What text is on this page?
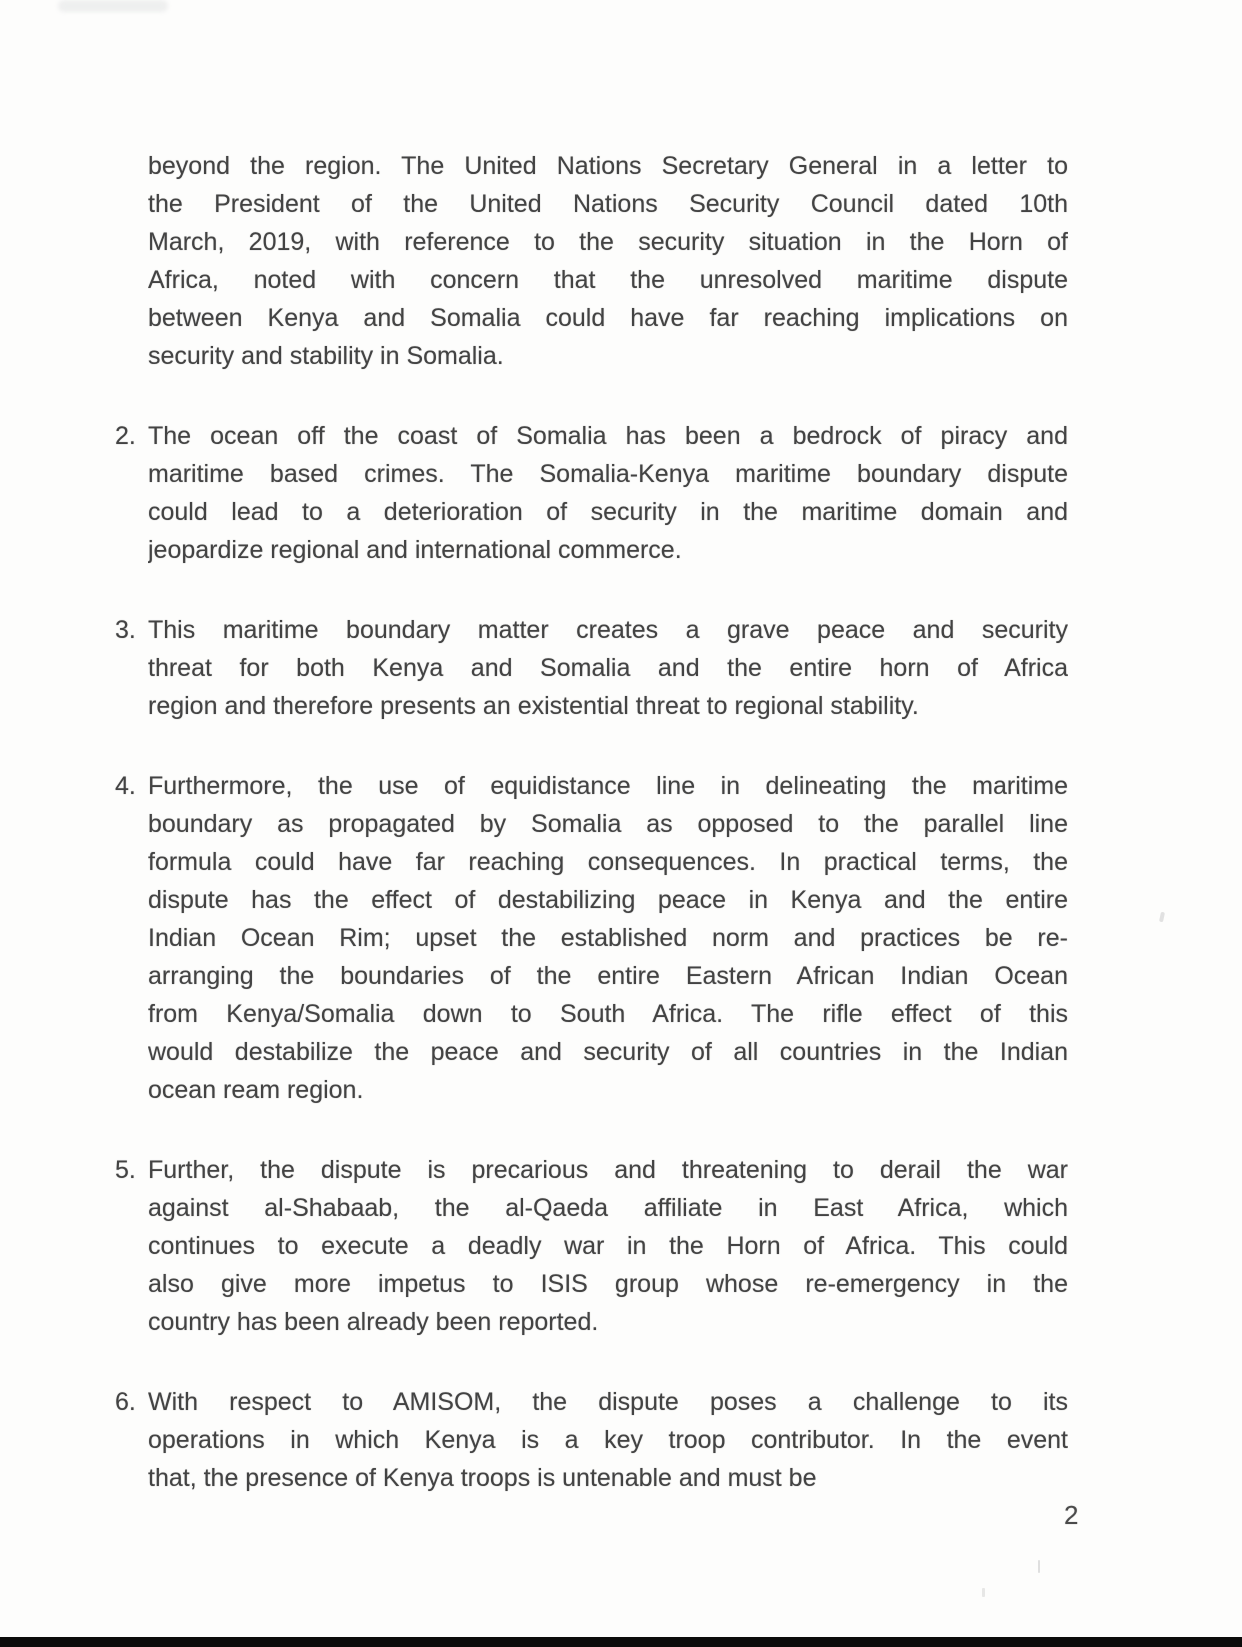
beyond the region. The United Nations Secretary General in a letter to
the President of the United Nations Security Council dated 10th
March, 2019, with reference to the security situation in the Horn of
Africa, noted with concern that the unresolved maritime dispute
between Kenya and Somalia could have far reaching implications on
security and stability in Somalia.
2. The ocean off the coast of Somalia has been a bedrock of piracy and
maritime based crimes. The Somalia-Kenya maritime boundary dispute
could lead to a deterioration of security in the maritime domain and
jeopardize regional and international commerce.
3. This maritime boundary matter creates a grave peace and security
threat for both Kenya and Somalia and the entire horn of Africa
region and therefore presents an existential threat to regional stability.
4. Furthermore, the use of equidistance line in delineating the maritime
boundary as propagated by Somalia as opposed to the parallel line
formula could have far reaching consequences. In practical terms, the
dispute has the effect of destabilizing peace in Kenya and the entire
Indian Ocean Rim; upset the established norm and practices be re-
arranging the boundaries of the entire Eastern African Indian Ocean
from Kenya/Somalia down to South Africa. The rifle effect of this
would destabilize the peace and security of all countries in the Indian
ocean ream region.
5. Further, the dispute is precarious and threatening to derail the war
against al-Shabaab, the al-Qaeda affiliate in East Africa, which
continues to execute a deadly war in the Horn of Africa. This could
also give more impetus to ISIS group whose re-emergency in the
country has been already been reported.
6. With respect to AMISOM, the dispute poses a challenge to its
operations in which Kenya is a key troop contributor. In the event
that, the presence of Kenya troops is untenable and must be
2
